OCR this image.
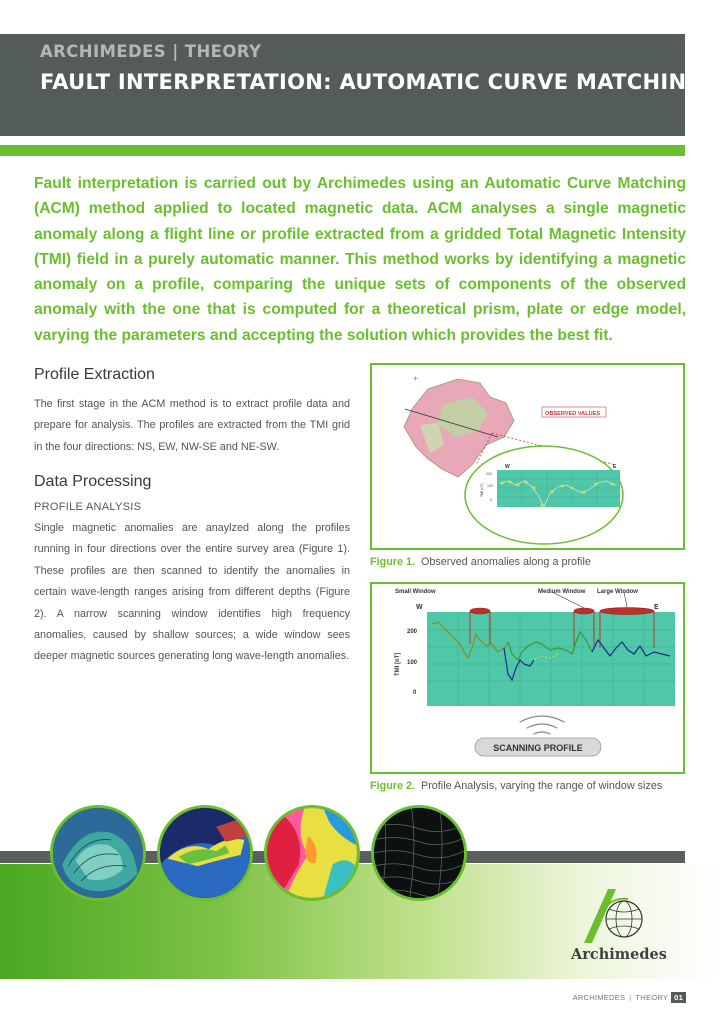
ARCHIMEDES | THEORY
FAULT INTERPRETATION: AUTOMATIC CURVE MATCHING

Fault interpretation is carried out by Archimedes using an Automatic Curve Matching (ACM) method applied to located magnetic data. ACM analyses a single magnetic anomaly along a flight line or profile extracted from a gridded Total Magnetic Intensity (TMI) field in a purely automatic manner. This method works by identifying a magnetic anomaly on a profile, comparing the unique sets of components of the observed anomaly with the one that is computed for a theoretical prism, plate or edge model, varying the parameters and accepting the solution which provides the best fit.

Profile Extraction

The first stage in the ACM method is to extract profile data and prepare for analysis. The profiles are extracted from the TMI grid in the four directions: NS, EW, NW-SE and NE-SW.

Data Processing
PROFILE ANALYSIS

Single magnetic anomalies are anaylzed along the profiles running in four directions over the entire survey area (Figure 1). These profiles are then scanned to identify the anomalies in certain wave-length ranges arising from different depths (Figure 2). A narrow scanning window identifies high frequency anomalies, caused by shallow sources; a wide window sees deeper magnetic sources generating long wave-length anomalies.

+
OBSERVED VALUES
W	E
200
100
0
TMI (nT)
Figure 1. Observed anomalies along a profile
Small Window	Medium Window Large Window
W	E
200
100
0
TMI [nT]
SCANNING PROFILE
Figure 2. Profile Analysis, varying the range of window sizes
Archimedes
ARCHIMEDES | THEORY 01
